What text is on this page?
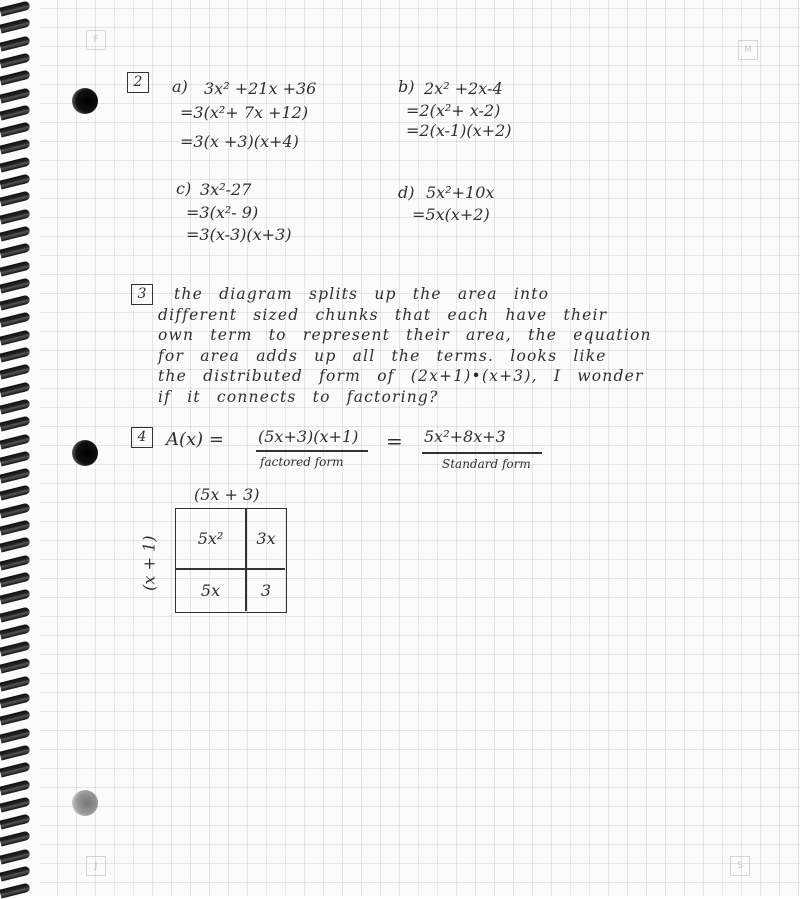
F
M
J	S
2	a) 3x² +21x +36

=3(x²+ 7x +12)

=3(x +3)(x+4)

b) 2x² +2x-4

=2(x²+ x-2)

=2(x-1)(x+2)

c) 3x²-27

=3(x²- 9)

=3(x-3)(x+3)

d) 5x²+10x

=5x(x+2)

3	the diagram splits up the area into
different sized chunks that each have their
own term to represent their area, the equation
for area adds up all the terms. looks like
the distributed form of (2x+1)•(x+3), I wonder
if it connects to factoring?
4	A(x) = (5x+3)(x+1)

factored form

= 5x²+8x+3

Standard form

(5x + 3)

(x + 1)	5x²	3x
5x	3
